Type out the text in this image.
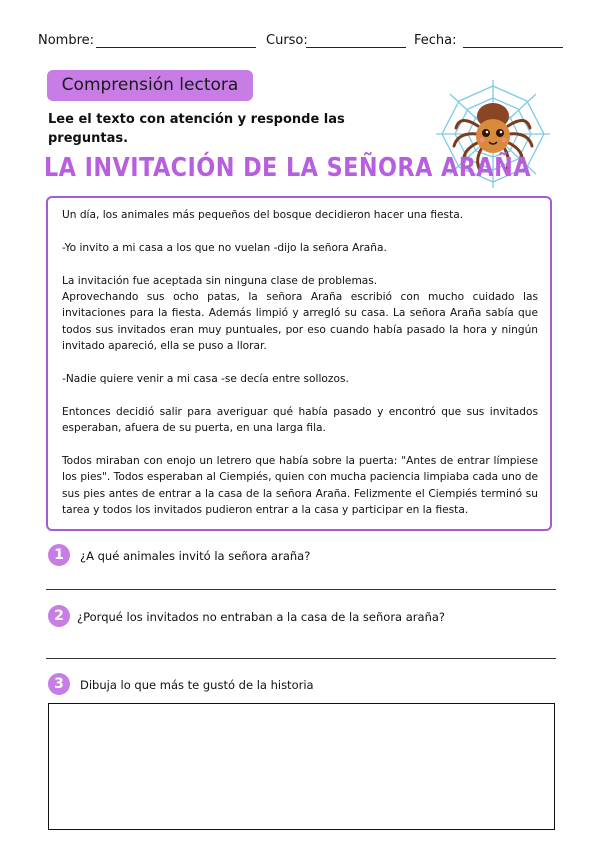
Nombre:	Curso:	Fecha:
Comprensión lectora
Lee el texto con atención y responde las preguntas.
LA INVITACIÓN DE LA SEÑORA ARAÑA

Un día, los animales más pequeños del bosque decidieron hacer una fiesta.

-Yo invito a mi casa a los que no vuelan -dijo la señora Araña.

La invitación fue aceptada sin ninguna clase de problemas.

Aprovechando sus ocho patas, la señora Araña escribió con mucho cuidado las invitaciones para la fiesta. Además limpió y arregló su casa. La señora Araña sabía que todos sus invitados eran muy puntuales, por eso cuando había pasado la hora y ningún invitado apareció, ella se puso a llorar.

-Nadie quiere venir a mi casa -se decía entre sollozos.

Entonces decidió salir para averiguar qué había pasado y encontró que sus invitados esperaban, afuera de su puerta, en una larga fila.

Todos miraban con enojo un letrero que había sobre la puerta: "Antes de entrar límpiese los pies". Todos esperaban al Ciempiés, quien con mucha paciencia limpiaba cada uno de sus pies antes de entrar a la casa de la señora Araña. Felizmente el Ciempiés terminó su tarea y todos los invitados pudieron entrar a la casa y participar en la fiesta.

1	¿A qué animales invitó la señora araña?
2	¿Porqué los invitados no entraban a la casa de la señora araña?
3	Dibuja lo que más te gustó de la historia
